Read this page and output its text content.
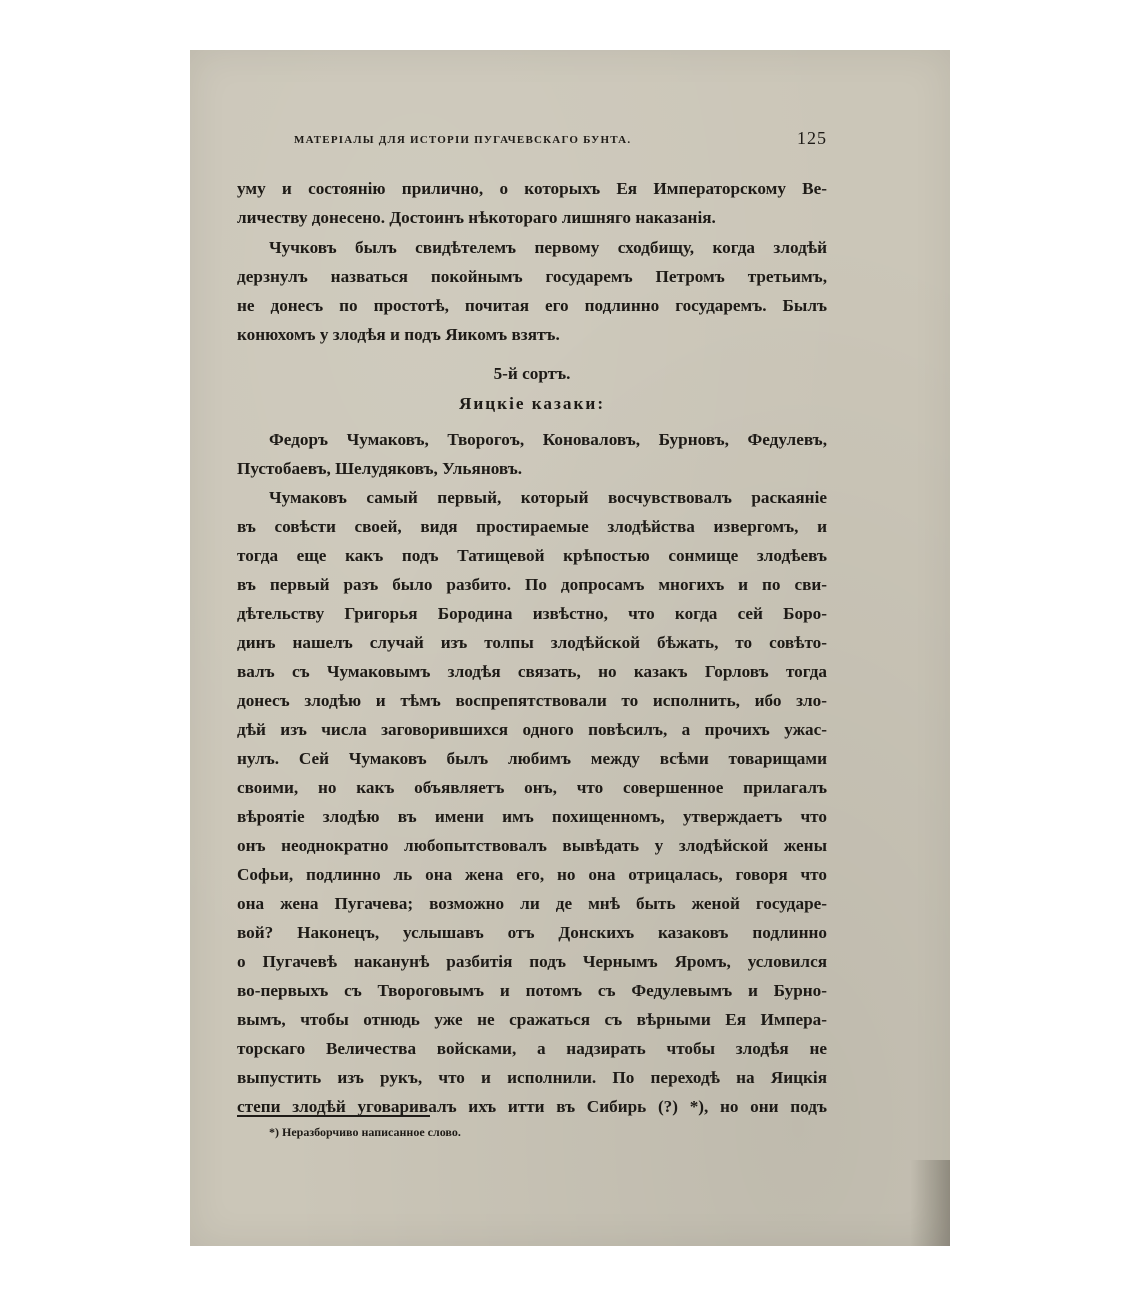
МАТЕРІАЛЫ ДЛЯ ИСТОРІИ ПУГАЧЕВСКАГО БУНТА.	125
уму и состоянію прилично, о которыхъ Ея Императорскому Ве-
личеству донесено. Достоинъ нѣкотораго лишняго наказанія.
Чучковъ былъ свидѣтелемъ первому сходбищу, когда злодѣй
дерзнулъ назваться покойнымъ государемъ Петромъ третьимъ,
не донесъ по простотѣ, почитая его подлинно государемъ. Былъ
конюхомъ у злодѣя и подъ Яикомъ взятъ.
5-й сортъ.
Яицкіе казаки:
Федоръ Чумаковъ, Творогоъ, Коноваловъ, Бурновъ, Федулевъ,
Пустобаевъ, Шелудяковъ, Ульяновъ.
Чумаковъ самый первый, который восчувствовалъ раскаяніе
въ совѣсти своей, видя простираемые злодѣйства извергомъ, и
тогда еще какъ подъ Татищевой крѣпостью сонмище злодѣевъ
въ первый разъ было разбито. По допросамъ многихъ и по сви-
дѣтельству Григорья Бородина извѣстно, что когда сей Боро-
динъ нашелъ случай изъ толпы злодѣйской бѣжать, то совѣто-
валъ съ Чумаковымъ злодѣя связать, но казакъ Горловъ тогда
донесъ злодѣю и тѣмъ воспрепятствовали то исполнить, ибо зло-
дѣй изъ числа заговорившихся одного повѣсилъ, а прочихъ ужас-
нулъ. Сей Чумаковъ былъ любимъ между всѣми товарищами
своими, но какъ объявляетъ онъ, что совершенное прилагалъ
вѣроятіе злодѣю въ имени имъ похищенномъ, утверждаетъ что
онъ неоднократно любопытствовалъ вывѣдать у злодѣйской жены
Софьи, подлинно ль она жена его, но она отрицалась, говоря что
она жена Пугачева; возможно ли де мнѣ быть женой государе-
вой? Наконецъ, услышавъ отъ Донскихъ казаковъ подлинно
о Пугачевѣ наканунѣ разбитія подъ Чернымъ Яромъ, условился
во-первыхъ съ Твороговымъ и потомъ съ Федулевымъ и Бурно-
вымъ, чтобы отнюдь уже не сражаться съ вѣрными Ея Импера-
торскаго Величества войсками, а надзирать чтобы злодѣя не
выпустить изъ рукъ, что и исполнили. По переходѣ на Яицкія
степи злодѣй уговаривалъ ихъ итти въ Сибирь (?) *), но они подъ
*) Неразборчиво написанное слово.
